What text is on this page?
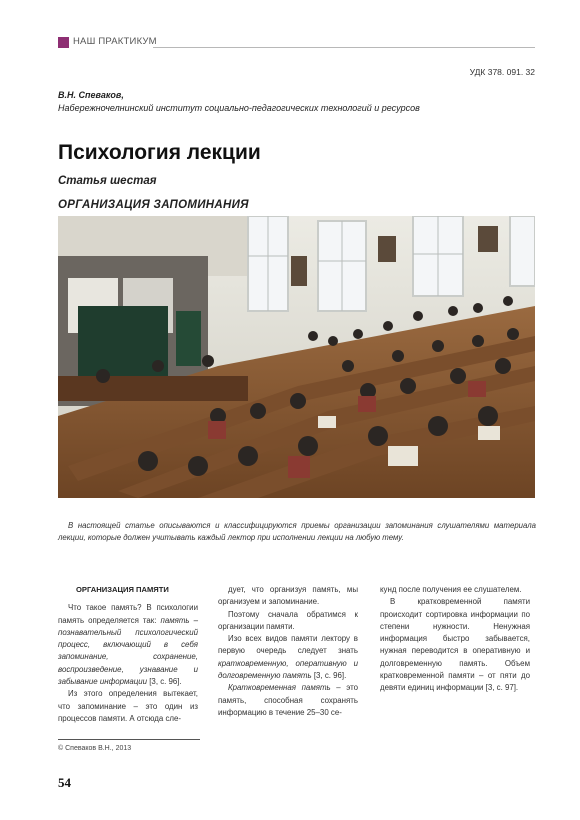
НАШ ПРАКТИКУМ
УДК 378. 091. 32
В.Н. Спеваков,
Набережночелнинский институт социально-педагогических технологий и ресурсов
Психология лекции
Статья шестая
ОРГАНИЗАЦИЯ ЗАПОМИНАНИЯ
В настоящей статье описываются и классифицируются приемы организации запоминания слушателями материала лекции, которые должен учитывать каждый лектор при исполнении лекции на любую тему.

ОРГАНИЗАЦИЯ ПАМЯТИ

Что такое память? В психологии память определяется так: память – познавательный психологический процесс, включающий в себя запоминание, сохранение, воспроизведение, узнавание и забывание информации [3, с. 96].

Из этого определения вытекает, что запоминание – это один из процессов памяти. А отсюда сле-

дует, что организуя память, мы организуем и запоминание.

Поэтому сначала обратимся к организации памяти.

Изо всех видов памяти лектору в первую очередь следует знать кратковременную, оперативную и долговременную память [3, с. 96].

Кратковременная память – это память, способная сохранять информацию в течение 25–30 се-

кунд после получения ее слушателем.

В кратковременной памяти происходит сортировка информации по степени нужности. Ненужная информация быстро забывается, нужная переводится в оперативную и долговременную память. Объем кратковременной памяти – от пяти до девяти единиц информации [3, с. 97].

© Спеваков В.Н., 2013
54
